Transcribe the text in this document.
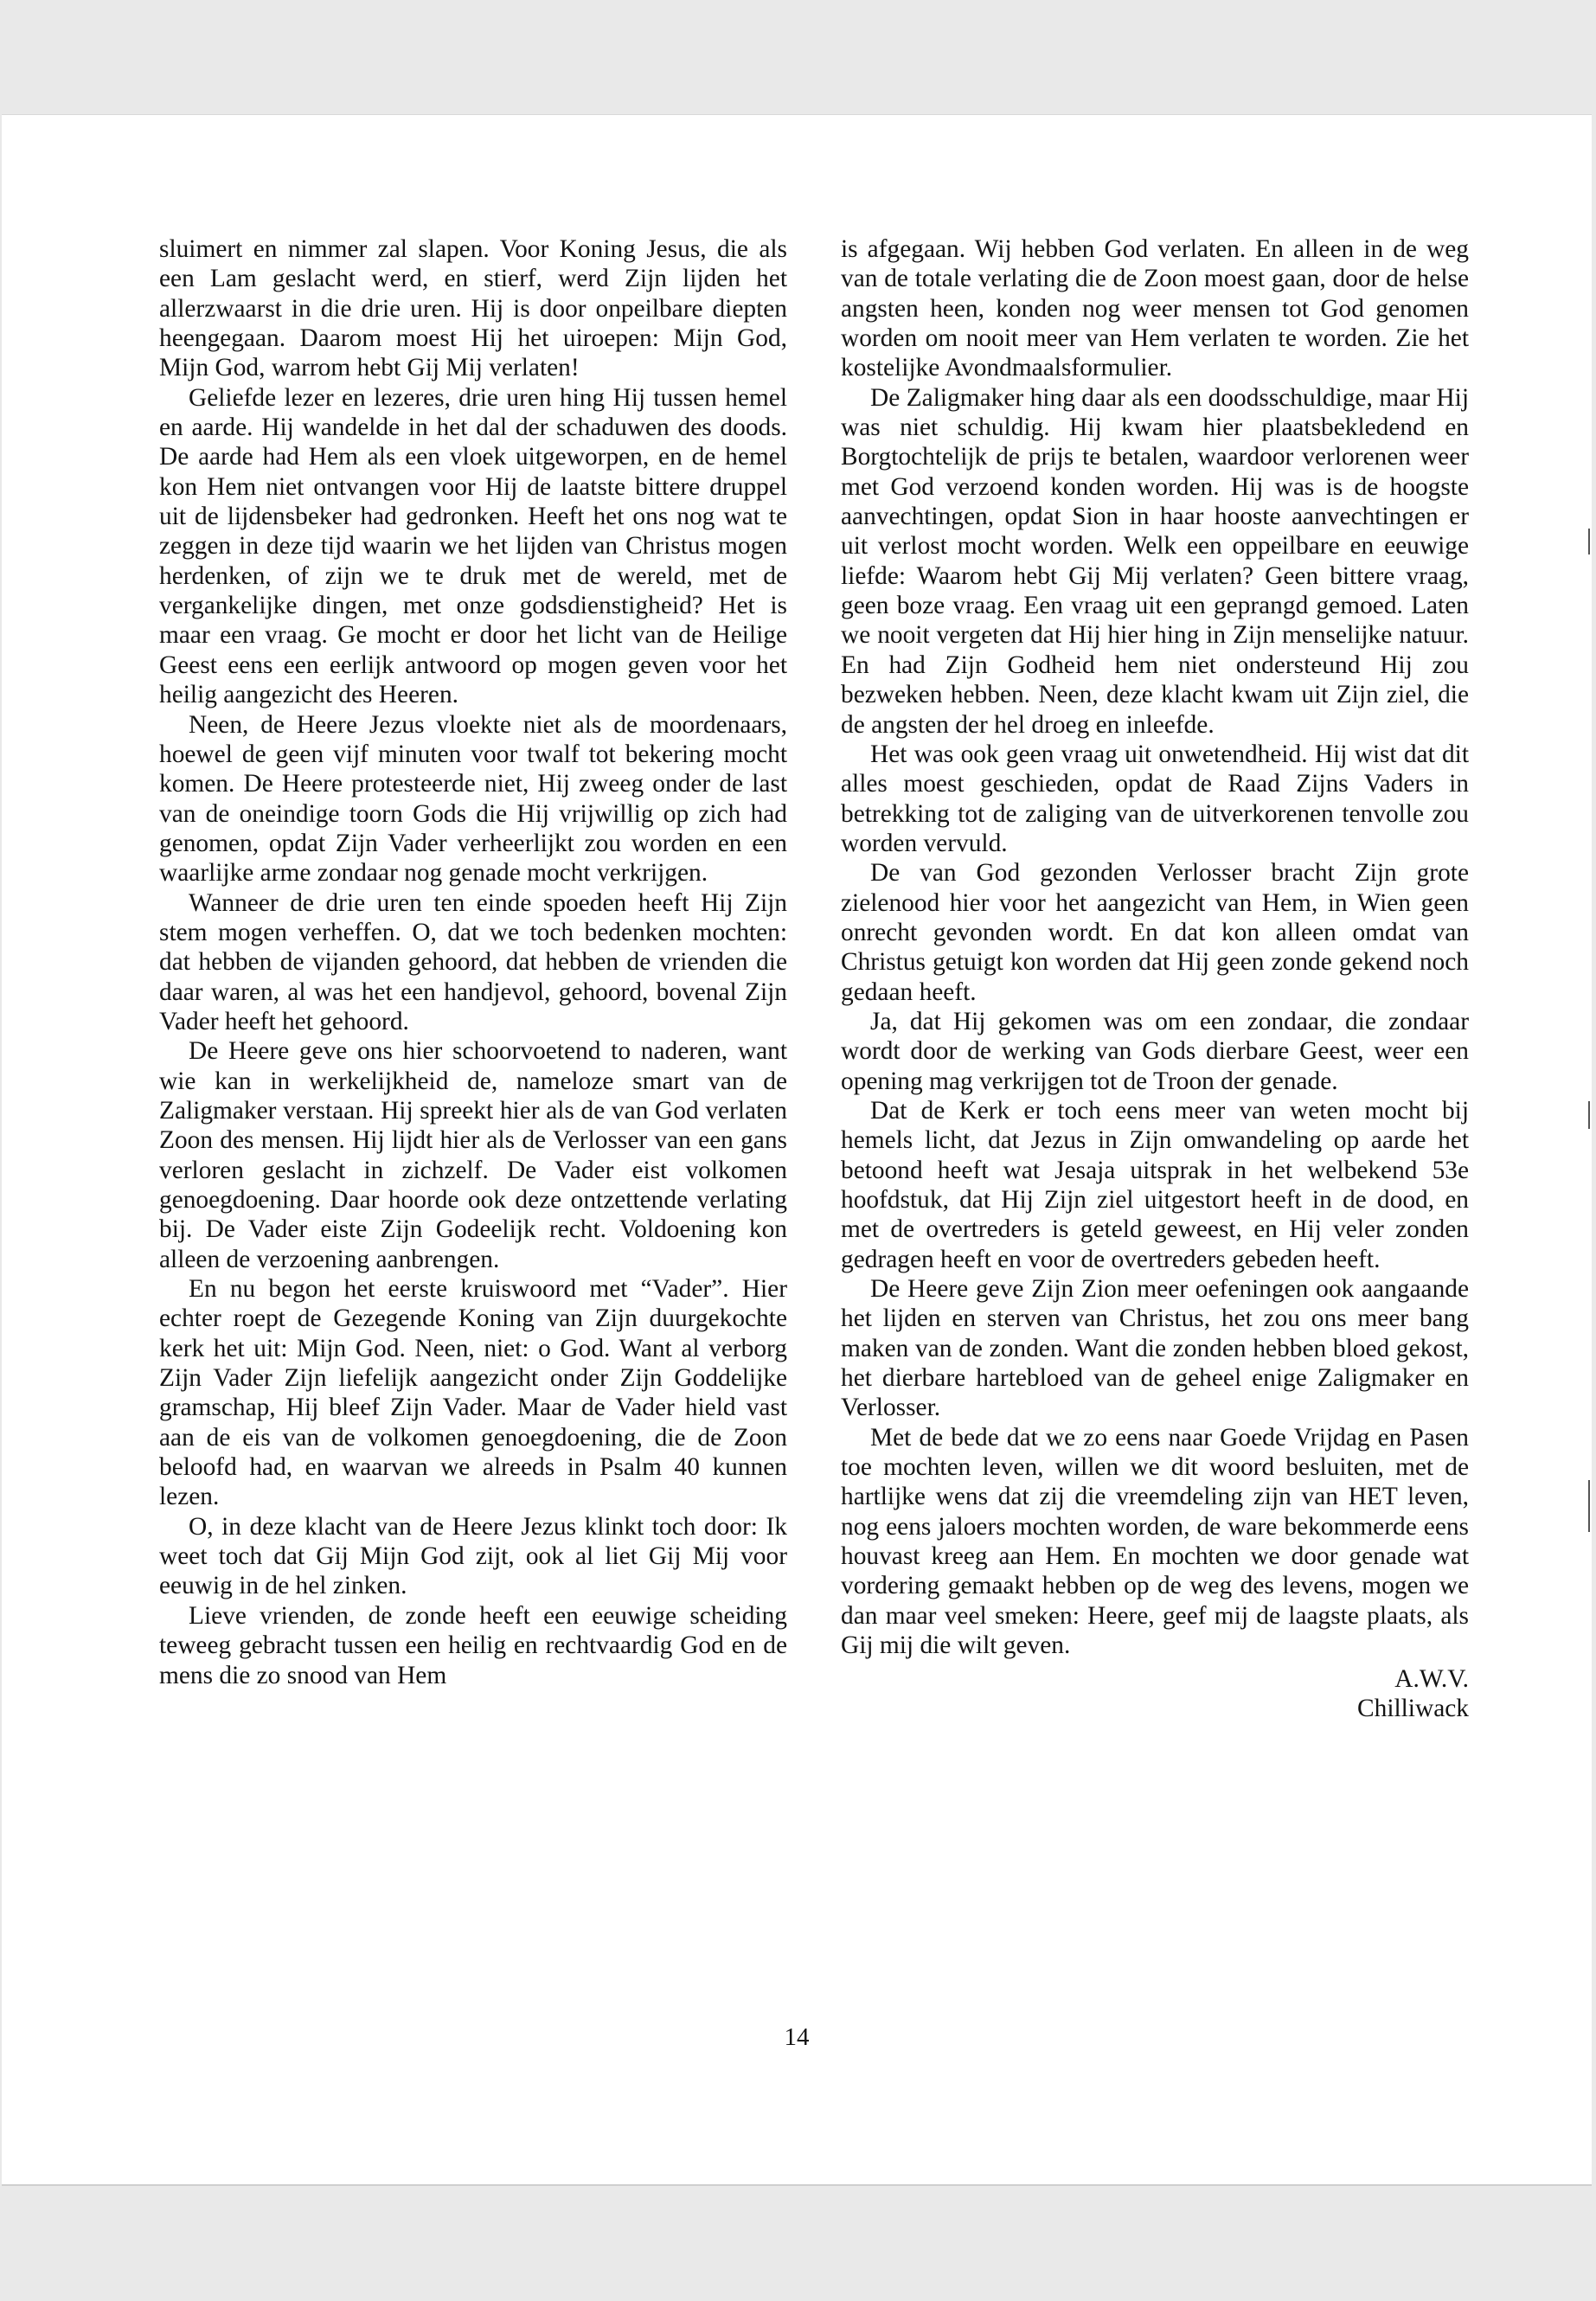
sluimert en nimmer zal slapen. Voor Koning Jesus, die als een Lam geslacht werd, en stierf, werd Zijn lijden het allerzwaarst in die drie uren. Hij is door onpeilbare diepten heengegaan. Daarom moest Hij het uiroepen: Mijn God, Mijn God, warrom hebt Gij Mij verlaten!

Geliefde lezer en lezeres, drie uren hing Hij tussen hemel en aarde. Hij wandelde in het dal der schaduwen des doods. De aarde had Hem als een vloek uitgeworpen, en de hemel kon Hem niet ontvangen voor Hij de laatste bittere druppel uit de lijdensbeker had gedronken. Heeft het ons nog wat te zeggen in deze tijd waarin we het lijden van Christus mogen herdenken, of zijn we te druk met de wereld, met de vergankelijke dingen, met onze godsdienstigheid? Het is maar een vraag. Ge mocht er door het licht van de Heilige Geest eens een eerlijk antwoord op mogen geven voor het heilig aangezicht des Heeren.

Neen, de Heere Jezus vloekte niet als de moordenaars, hoewel de geen vijf minuten voor twalf tot bekering mocht komen. De Heere protesteerde niet, Hij zweeg onder de last van de oneindige toorn Gods die Hij vrijwillig op zich had genomen, opdat Zijn Vader verheerlijkt zou worden en een waarlijke arme zondaar nog genade mocht verkrijgen.

Wanneer de drie uren ten einde spoeden heeft Hij Zijn stem mogen verheffen. O, dat we toch bedenken mochten: dat hebben de vijanden gehoord, dat hebben de vrienden die daar waren, al was het een handjevol, gehoord, bovenal Zijn Vader heeft het gehoord.

De Heere geve ons hier schoorvoetend to naderen, want wie kan in werkelijkheid de, nameloze smart van de Zaligmaker verstaan. Hij spreekt hier als de van God verlaten Zoon des mensen. Hij lijdt hier als de Verlosser van een gans verloren geslacht in zichzelf. De Vader eist volkomen genoegdoening. Daar hoorde ook deze ontzettende verlating bij. De Vader eiste Zijn Godeelijk recht. Voldoening kon alleen de verzoening aanbrengen.

En nu begon het eerste kruiswoord met “Vader”. Hier echter roept de Gezegende Koning van Zijn duurgekochte kerk het uit: Mijn God. Neen, niet: o God. Want al verborg Zijn Vader Zijn liefelijk aangezicht onder Zijn Goddelijke gramschap, Hij bleef Zijn Vader. Maar de Vader hield vast aan de eis van de volkomen genoegdoening, die de Zoon beloofd had, en waarvan we alreeds in Psalm 40 kunnen lezen.

O, in deze klacht van de Heere Jezus klinkt toch door: Ik weet toch dat Gij Mijn God zijt, ook al liet Gij Mij voor eeuwig in de hel zinken.

Lieve vrienden, de zonde heeft een eeuwige scheiding teweeg gebracht tussen een heilig en rechtvaardig God en de mens die zo snood van Hem

is afgegaan. Wij hebben God verlaten. En alleen in de weg van de totale verlating die de Zoon moest gaan, door de helse angsten heen, konden nog weer mensen tot God genomen worden om nooit meer van Hem verlaten te worden. Zie het kostelijke Avondmaalsformulier.

De Zaligmaker hing daar als een doodsschuldige, maar Hij was niet schuldig. Hij kwam hier plaatsbekledend en Borgtochtelijk de prijs te betalen, waardoor verlorenen weer met God verzoend konden worden. Hij was is de hoogste aanvechtingen, opdat Sion in haar hooste aanvechtingen er uit verlost mocht worden. Welk een oppeilbare en eeuwige liefde: Waarom hebt Gij Mij verlaten? Geen bittere vraag, geen boze vraag. Een vraag uit een geprangd gemoed. Laten we nooit vergeten dat Hij hier hing in Zijn menselijke natuur. En had Zijn Godheid hem niet ondersteund Hij zou bezweken hebben. Neen, deze klacht kwam uit Zijn ziel, die de angsten der hel droeg en inleefde.

Het was ook geen vraag uit onwetendheid. Hij wist dat dit alles moest geschieden, opdat de Raad Zijns Vaders in betrekking tot de zaliging van de uitverkorenen tenvolle zou worden vervuld.

De van God gezonden Verlosser bracht Zijn grote zielenood hier voor het aangezicht van Hem, in Wien geen onrecht gevonden wordt. En dat kon alleen omdat van Christus getuigt kon worden dat Hij geen zonde gekend noch gedaan heeft.

Ja, dat Hij gekomen was om een zondaar, die zondaar wordt door de werking van Gods dierbare Geest, weer een opening mag verkrijgen tot de Troon der genade.

Dat de Kerk er toch eens meer van weten mocht bij hemels licht, dat Jezus in Zijn omwandeling op aarde het betoond heeft wat Jesaja uitsprak in het welbekend 53e hoofdstuk, dat Hij Zijn ziel uitgestort heeft in de dood, en met de overtreders is geteld geweest, en Hij veler zonden gedragen heeft en voor de overtreders gebeden heeft.

De Heere geve Zijn Zion meer oefeningen ook aangaande het lijden en sterven van Christus, het zou ons meer bang maken van de zonden. Want die zonden hebben bloed gekost, het dierbare hartebloed van de geheel enige Zaligmaker en Verlosser.

Met de bede dat we zo eens naar Goede Vrijdag en Pasen toe mochten leven, willen we dit woord besluiten, met de hartlijke wens dat zij die vreemdeling zijn van HET leven, nog eens jaloers mochten worden, de ware bekommerde eens houvast kreeg aan Hem. En mochten we door genade wat vordering gemaakt hebben op de weg des levens, mogen we dan maar veel smeken: Heere, geef mij de laagste plaats, als Gij mij die wilt geven.

A.W.V.
Chilliwack
14
